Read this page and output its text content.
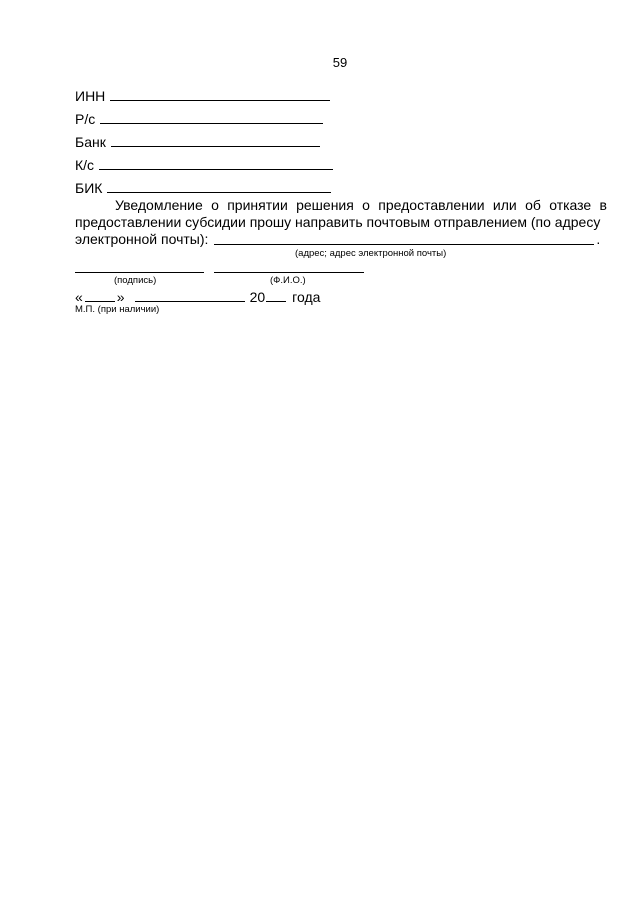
59
ИНН
Р/с
Банк
К/с
БИК
Уведомление о принятии решения о предоставлении или об отказе в предоставлении субсидии прошу направить почтовым отправлением (по адресу
электронной почты):	.
(адрес; адрес электронной почты)
(подпись)	(Ф.И.О.)
« »	20 года
М.П. (при наличии)
